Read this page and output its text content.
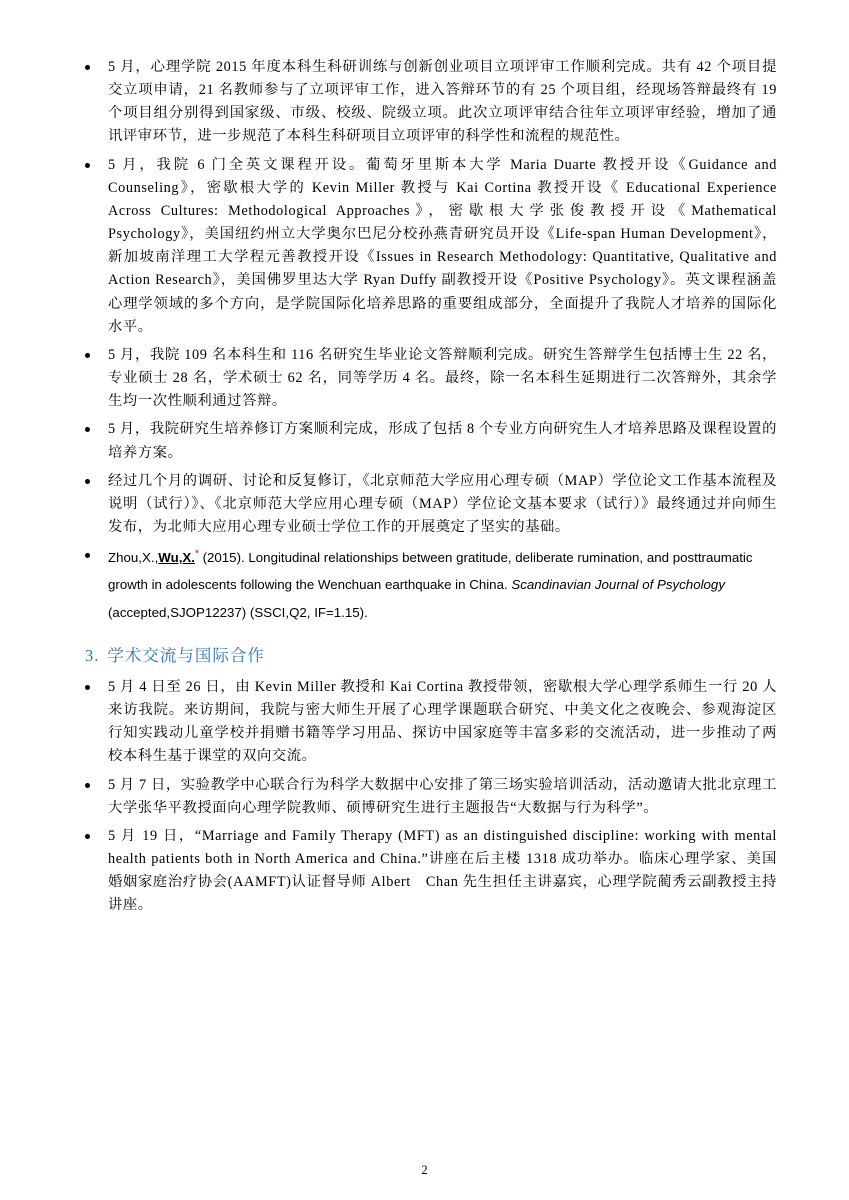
5 月，心理学院 2015 年度本科生科研训练与创新创业项目立项评审工作顺利完成。共有 42 个项目提交立项申请，21 名教师参与了立项评审工作，进入答辩环节的有 25 个项目组，经现场答辩最终有 19 个项目组分别得到国家级、市级、校级、院级立项。此次立项评审结合往年立项评审经验，增加了通讯评审环节，进一步规范了本科生科研项目立项评审的科学性和流程的规范性。
5 月，我院 6 门全英文课程开设。葡萄牙里斯本大学 Maria Duarte 教授开设《Guidance and Counseling》，密歇根大学的 Kevin Miller 教授与 Kai Cortina 教授开设《 Educational Experience Across Cultures: Methodological Approaches》，密歇根大学张俊教授开设《Mathematical Psychology》，美国纽约州立大学奥尔巴尼分校孙燕青研究员开设《Life-span Human Development》，新加坡南洋理工大学程元善教授开设《Issues in Research Methodology: Quantitative, Qualitative and Action Research》，美国佛罗里达大学 Ryan Duffy 副教授开设《Positive Psychology》。英文课程涵盖心理学领域的多个方向，是学院国际化培养思路的重要组成部分，全面提升了我院人才培养的国际化水平。
5 月，我院 109 名本科生和 116 名研究生毕业论文答辩顺利完成。研究生答辩学生包括博士生 22 名，专业硕士 28 名，学术硕士 62 名，同等学历 4 名。最终，除一名本科生延期进行二次答辩外，其余学生均一次性顺利通过答辩。
5 月，我院研究生培养修订方案顺利完成，形成了包括 8 个专业方向研究生人才培养思路及课程设置的培养方案。
经过几个月的调研、讨论和反复修订，《北京师范大学应用心理专硕（MAP）学位论文工作基本流程及说明（试行）》、《北京师范大学应用心理专硕（MAP）学位论文基本要求（试行）》最终通过并向师生发布，为北师大应用心理专业硕士学位工作的开展奠定了坚实的基础。
Zhou,X.,Wu,X.* (2015). Longitudinal relationships between gratitude, deliberate rumination, and posttraumatic growth in adolescents following the Wenchuan earthquake in China. Scandinavian Journal of Psychology (accepted,SJOP12237) (SSCI,Q2, IF=1.15).
3. 学术交流与国际合作
5 月 4 日至 26 日，由 Kevin Miller 教授和 Kai Cortina 教授带领，密歇根大学心理学系师生一行 20 人来访我院。来访期间，我院与密大师生开展了心理学课题联合研究、中美文化之夜晚会、参观海淀区行知实践动儿童学校并捐赠书籍等学习用品、探访中国家庭等丰富多彩的交流活动，进一步推动了两校本科生基于课堂的双向交流。
5 月 7 日，实验教学中心联合行为科学大数据中心安排了第三场实验培训活动，活动邀请大批北京理工大学张华平教授面向心理学院教师、硕博研究生进行主题报告“大数据与行为科学”。
5 月 19 日，“Marriage and Family Therapy (MFT) as an distinguished discipline: working with mental health patients both in North America and China.”讲座在后主楼 1318 成功举办。临床心理学家、美国婚姻家庭治疗协会(AAMFT)认证督导师 Albert　Chan 先生担任主讲嘉宾，心理学院蔺秀云副教授主持讲座。
2
